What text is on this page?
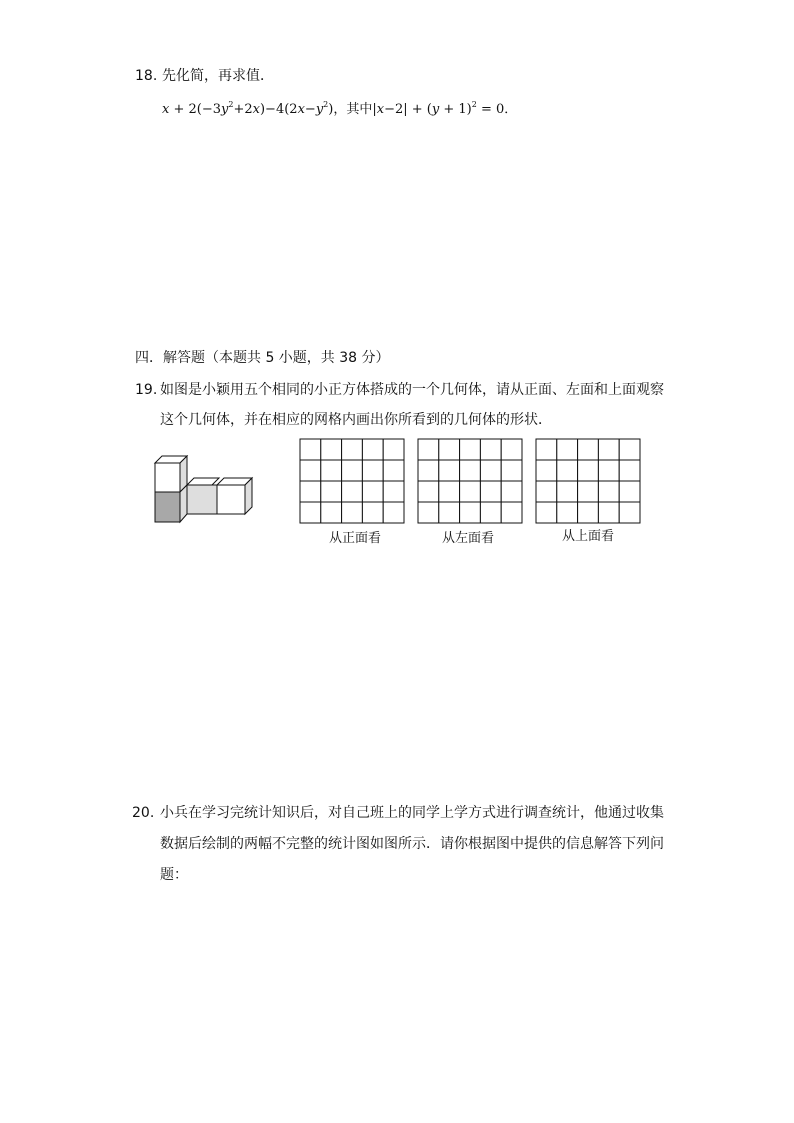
18. 先化简，再求值．
$x + 2(-3y^2+2x)-4(2x-y^2)$，其中$|x-2| + (y + 1)^2 = 0$．
四．解答题（本题共 5 小题，共 38 分）
19. 如图是小颖用五个相同的小正方体搭成的一个几何体，请从正面、左面和上面观察
这个几何体，并在相应的网格内画出你所看到的几何体的形状．
从正面看	从左面看	从上面看
20. 小兵在学习完统计知识后，对自己班上的同学上学方式进行调查统计，他通过收集
数据后绘制的两幅不完整的统计图如图所示．请你根据图中提供的信息解答下列问
题：
